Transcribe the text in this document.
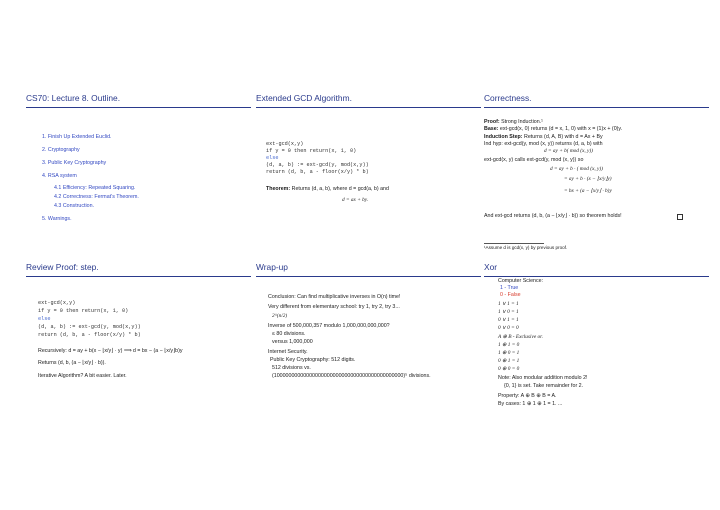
CS70: Lecture 8. Outline.
1. Finish Up Extended Euclid.
2. Cryptography
3. Public Key Cryptography
4. RSA system
4.1 Efficiency: Repeated Squaring.
4.2 Correctness: Fermat’s Theorem.
4.3 Construction.
5. Warnings.
Extended GCD Algorithm.
ext-gcd(x,y)
if y = 0 then return(x, 1, 0)
else
(d, a, b) := ext-gcd(y, mod(x,y))
return (d, b, a - floor(x/y) * b)
Theorem: Returns (d, a, b), where d = gcd(a, b) and
d = ax + by.
Correctness.
Proof: Strong Induction.¹
Base: ext-gcd(x, 0) returns (d = x, 1, 0) with x = (1)x + (0)y.
Induction Step: Returns (d, A, B) with d = Ax + By
Ind hyp: ext-gcd(y, mod (x, y)) returns (d, a, b) with
d = ay + b( mod (x, y))
ext-gcd(x, y) calls ext-gcd(y, mod (x, y)) so
d = ay + b · ( mod (x, y))
= ay + b · (x − ⌊x/y⌋y)
= bx + (a − ⌊x/y⌋ · b)y
And ext-gcd returns (d, b, (a − ⌊x/y⌋ · b)) so theorem holds!
¹Assume d is gcd(x, y) by previous proof.
Review Proof: step.
ext-gcd(x,y)
if y = 0 then return(x, 1, 0)
else
(d, a, b) := ext-gcd(y, mod(x,y))
return (d, b, a - floor(x/y) * b)
Recursively: d = ay + b(x − ⌊x/y⌋ · y) ⟹ d = bx − (a − ⌊x/y⌋b)y
Returns (d, b, (a − ⌊x/y⌋ · b)).
Iterative Algorithm? A bit easier. Later.
Wrap-up
Conclusion: Can find multiplicative inverses in O(n) time!
Very different from elementary school: try 1, try 2, try 3...
2^(n/2)
Inverse of 500,000,357 modulo 1,000,000,000,000?
≤ 80 divisions.
versus 1,000,000
Internet Security.
Public Key Cryptography: 512 digits.
512 divisions vs.
(10000000000000000000000000000000000000000000)⁵ divisions.
Xor
Computer Science:
1 - True
0 - False
1 ∨ 1 = 1
1 ∨ 0 = 1
0 ∨ 1 = 1
0 ∨ 0 = 0
A ⊕ B - Exclusive or.
1 ⊕ 1 = 0
1 ⊕ 0 = 1
0 ⊕ 1 = 1
0 ⊕ 0 = 0
Note: Also modular addition modulo 2!
{0, 1} is set. Take remainder for 2.
Property: A ⊕ B ⊕ B = A.
By cases: 1 ⊕ 1 ⊕ 1 = 1. ...
